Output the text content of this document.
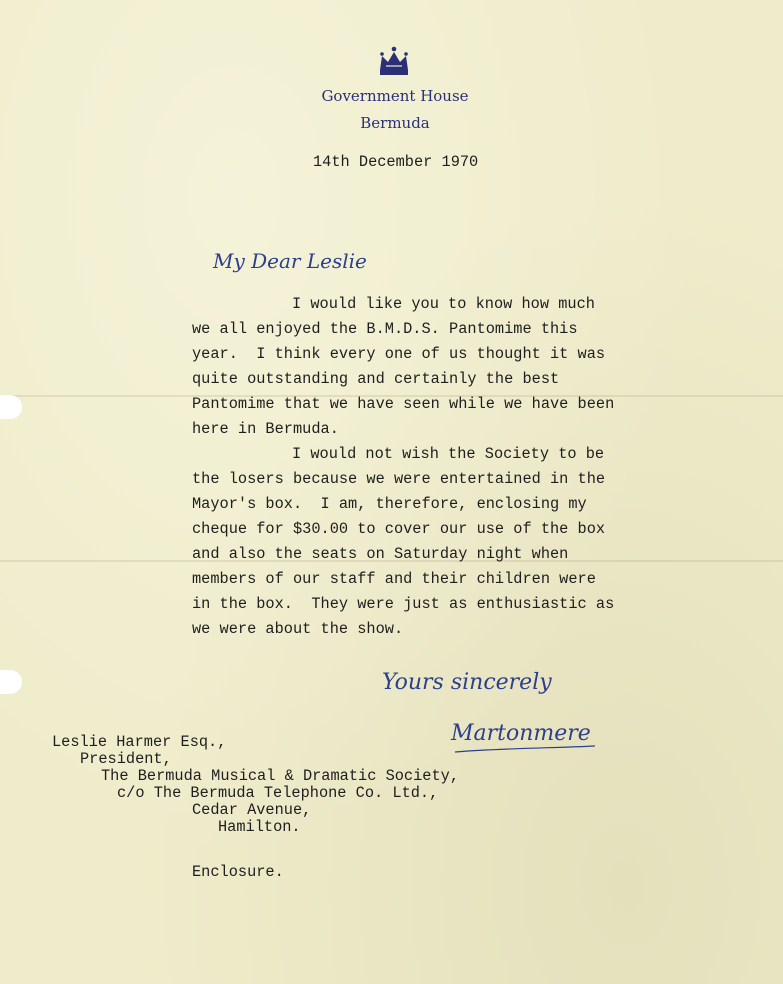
Government House
Bermuda
14th December 1970
My Dear Leslie
I would like you to know how much
we all enjoyed the B.M.D.S. Pantomime this
year.  I think every one of us thought it was
quite outstanding and certainly the best
Pantomime that we have seen while we have been
here in Bermuda.
I would not wish the Society to be
the losers because we were entertained in the
Mayor's box.  I am, therefore, enclosing my
cheque for $30.00 to cover our use of the box
and also the seats on Saturday night when
members of our staff and their children were
in the box.  They were just as enthusiastic as
we were about the show.
Yours sincerely
Martonmere
Leslie Harmer Esq.,
President,
The Bermuda Musical & Dramatic Society,
c/o The Bermuda Telephone Co. Ltd.,
Cedar Avenue,
Hamilton.
Enclosure.
